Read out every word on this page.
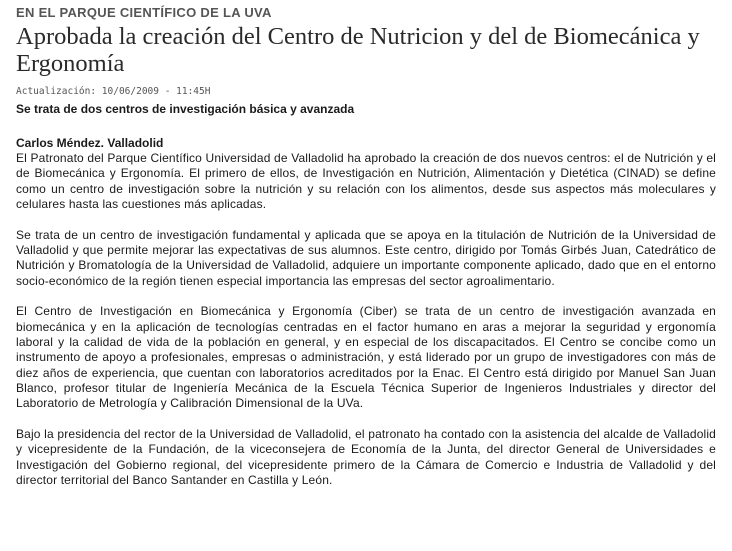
EN EL PARQUE CIENTÍFICO DE LA UVA

Aprobada la creación del Centro de Nutricion y del de Biomecánica y Ergonomía

Actualización: 10/06/2009 - 11:45H

Se trata de dos centros de investigación básica y avanzada

Carlos Méndez. Valladolid

El Patronato del Parque Científico Universidad de Valladolid ha aprobado la creación de dos nuevos centros: el de Nutrición y el de Biomecánica y Ergonomía. El primero de ellos, de Investigación en Nutrición, Alimentación y Dietética (CINAD) se define como un centro de investigación sobre la nutrición y su relación con los alimentos, desde sus aspectos más moleculares y celulares hasta las cuestiones más aplicadas.

Se trata de un centro de investigación fundamental y aplicada que se apoya en la titulación de Nutrición de la Universidad de Valladolid y que permite mejorar las expectativas de sus alumnos. Este centro, dirigido por Tomás Girbés Juan, Catedrático de Nutrición y Bromatología de la Universidad de Valladolid, adquiere un importante componente aplicado, dado que en el entorno socio-económico de la región tienen especial importancia las empresas del sector agroalimentario.

El Centro de Investigación en Biomecánica y Ergonomía (Ciber) se trata de un centro de investigación avanzada en biomecánica y en la aplicación de tecnologías centradas en el factor humano en aras a mejorar la seguridad y ergonomía laboral y la calidad de vida de la población en general, y en especial de los discapacitados. El Centro se concibe como un instrumento de apoyo a profesionales, empresas o administración, y está liderado por un grupo de investigadores con más de diez años de experiencia, que cuentan con laboratorios acreditados por la Enac. El Centro está dirigido por Manuel San Juan Blanco, profesor titular de Ingeniería Mecánica de la Escuela Técnica Superior de Ingenieros Industriales y director del Laboratorio de Metrología y Calibración Dimensional de la UVa.

Bajo la presidencia del rector de la Universidad de Valladolid, el patronato ha contado con la asistencia del alcalde de Valladolid y vicepresidente de la Fundación, de la viceconsejera de Economía de la Junta, del director General de Universidades e Investigación del Gobierno regional, del vicepresidente primero de la Cámara de Comercio e Industria de Valladolid y del director territorial del Banco Santander en Castilla y León.
